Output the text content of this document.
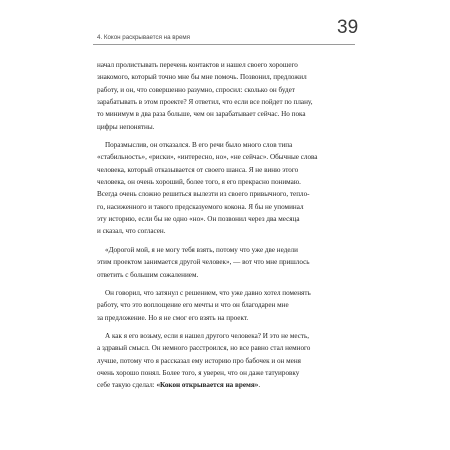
4. Кокон раскрывается на время	39
начал пролистывать перечень контактов и нашел своего хорошего
знакомого, который точно мне бы мне помочь. Позвонил, предложил
работу, и он, что совершенно разумно, спросил: сколько он будет
зарабатывать в этом проекте? Я ответил, что если все пойдет по плану,
то минимум в два раза больше, чем он зарабатывает сейчас. Но пока
цифры непонятны.
Поразмыслив, он отказался. В его речи было много слов типа
«стабильность», «риски», «интересно, но», «не сейчас». Обычные слова
человека, который отказывается от своего шанса. Я не виню этого
человека, он очень хороший, более того, я его прекрасно понимаю.
Всегда очень сложно решиться вылезти из своего привычного, тепло-
го, насиженного и такого предсказуемого кокона. Я бы не упоминал
эту историю, если бы не одно «но». Он позвонил через два месяца
и сказал, что согласен.
«Дорогой мой, я не могу тебя взять, потому что уже две недели
этим проектом занимается другой человек», — вот что мне пришлось
ответить с большим сожалением.
Он говорил, что затянул с решением, что уже давно хотел поменять
работу, что это воплощение его мечты и что он благодарен мне
за предложение. Но я не смог его взять на проект.
А как я его возьму, если я нашел другого человека? И это не месть,
а здравый смысл. Он немного расстроился, но все равно стал немного
лучше, потому что я рассказал ему историю про бабочек и он меня
очень хорошо понял. Более того, я уверен, что он даже татуировку
себе такую сделал: «Кокон открывается на время».
